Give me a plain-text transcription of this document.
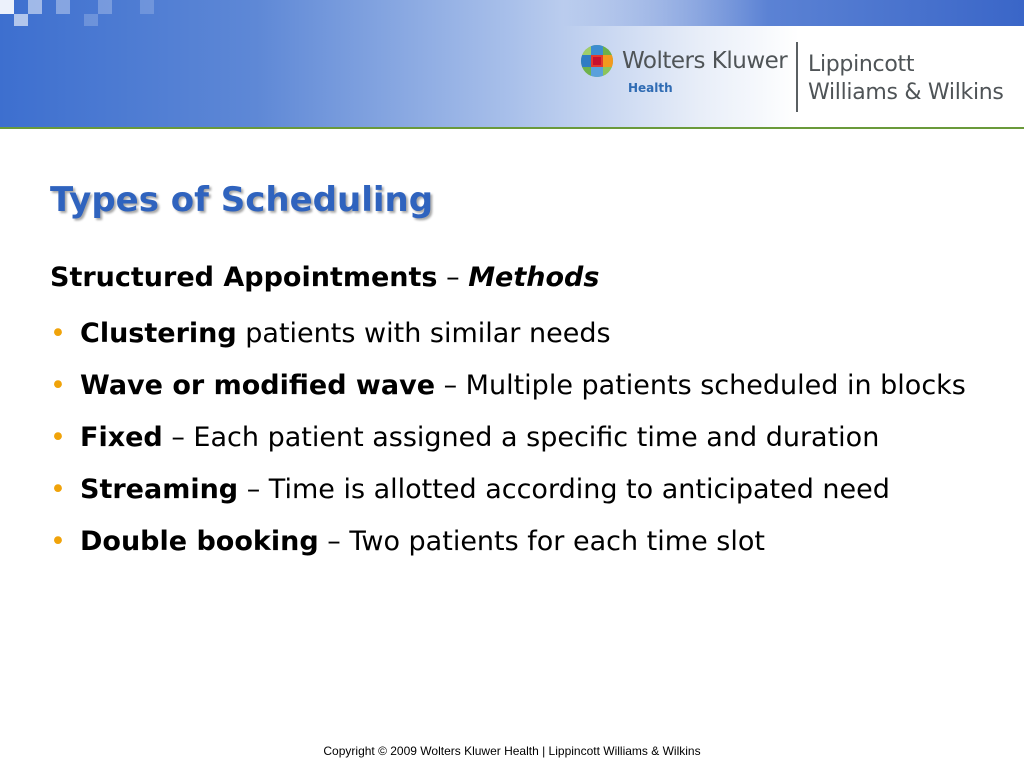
Wolters Kluwer
Health
Lippincott
Williams & Wilkins
Types of Scheduling
Structured Appointments – Methods
• Clustering patients with similar needs
• Wave or modified wave – Multiple patients scheduled in blocks
• Fixed – Each patient assigned a specific time and duration
• Streaming – Time is allotted according to anticipated need
• Double booking – Two patients for each time slot
Copyright © 2009 Wolters Kluwer Health | Lippincott Williams & Wilkins
